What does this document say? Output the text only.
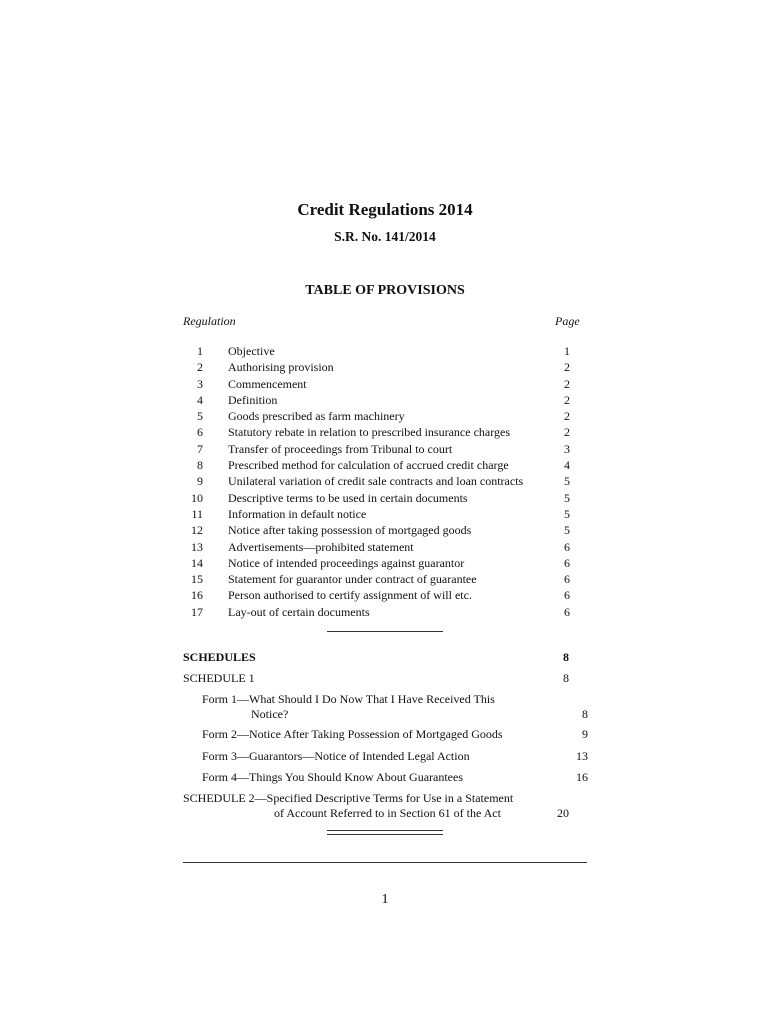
Credit Regulations 2014
S.R. No. 141/2014
TABLE OF PROVISIONS
Regulation	Page
1 Objective	1
2 Authorising provision	2
3 Commencement	2
4 Definition	2
5 Goods prescribed as farm machinery	2
6 Statutory rebate in relation to prescribed insurance charges	2
7 Transfer of proceedings from Tribunal to court	3
8 Prescribed method for calculation of accrued credit charge	4
9 Unilateral variation of credit sale contracts and loan contracts	5
10 Descriptive terms to be used in certain documents	5
11 Information in default notice	5
12 Notice after taking possession of mortgaged goods	5
13 Advertisements—prohibited statement	6
14 Notice of intended proceedings against guarantor	6
15 Statement for guarantor under contract of guarantee	6
16 Person authorised to certify assignment of will etc.	6
17 Lay-out of certain documents	6
SCHEDULES	8
SCHEDULE 1	8
Form 1—What Should I Do Now That I Have Received This
Notice?	8
Form 2—Notice After Taking Possession of Mortgaged Goods	9
Form 3—Guarantors—Notice of Intended Legal Action	13
Form 4—Things You Should Know About Guarantees	16
SCHEDULE 2—Specified Descriptive Terms for Use in a Statement
of Account Referred to in Section 61 of the Act	20
1
